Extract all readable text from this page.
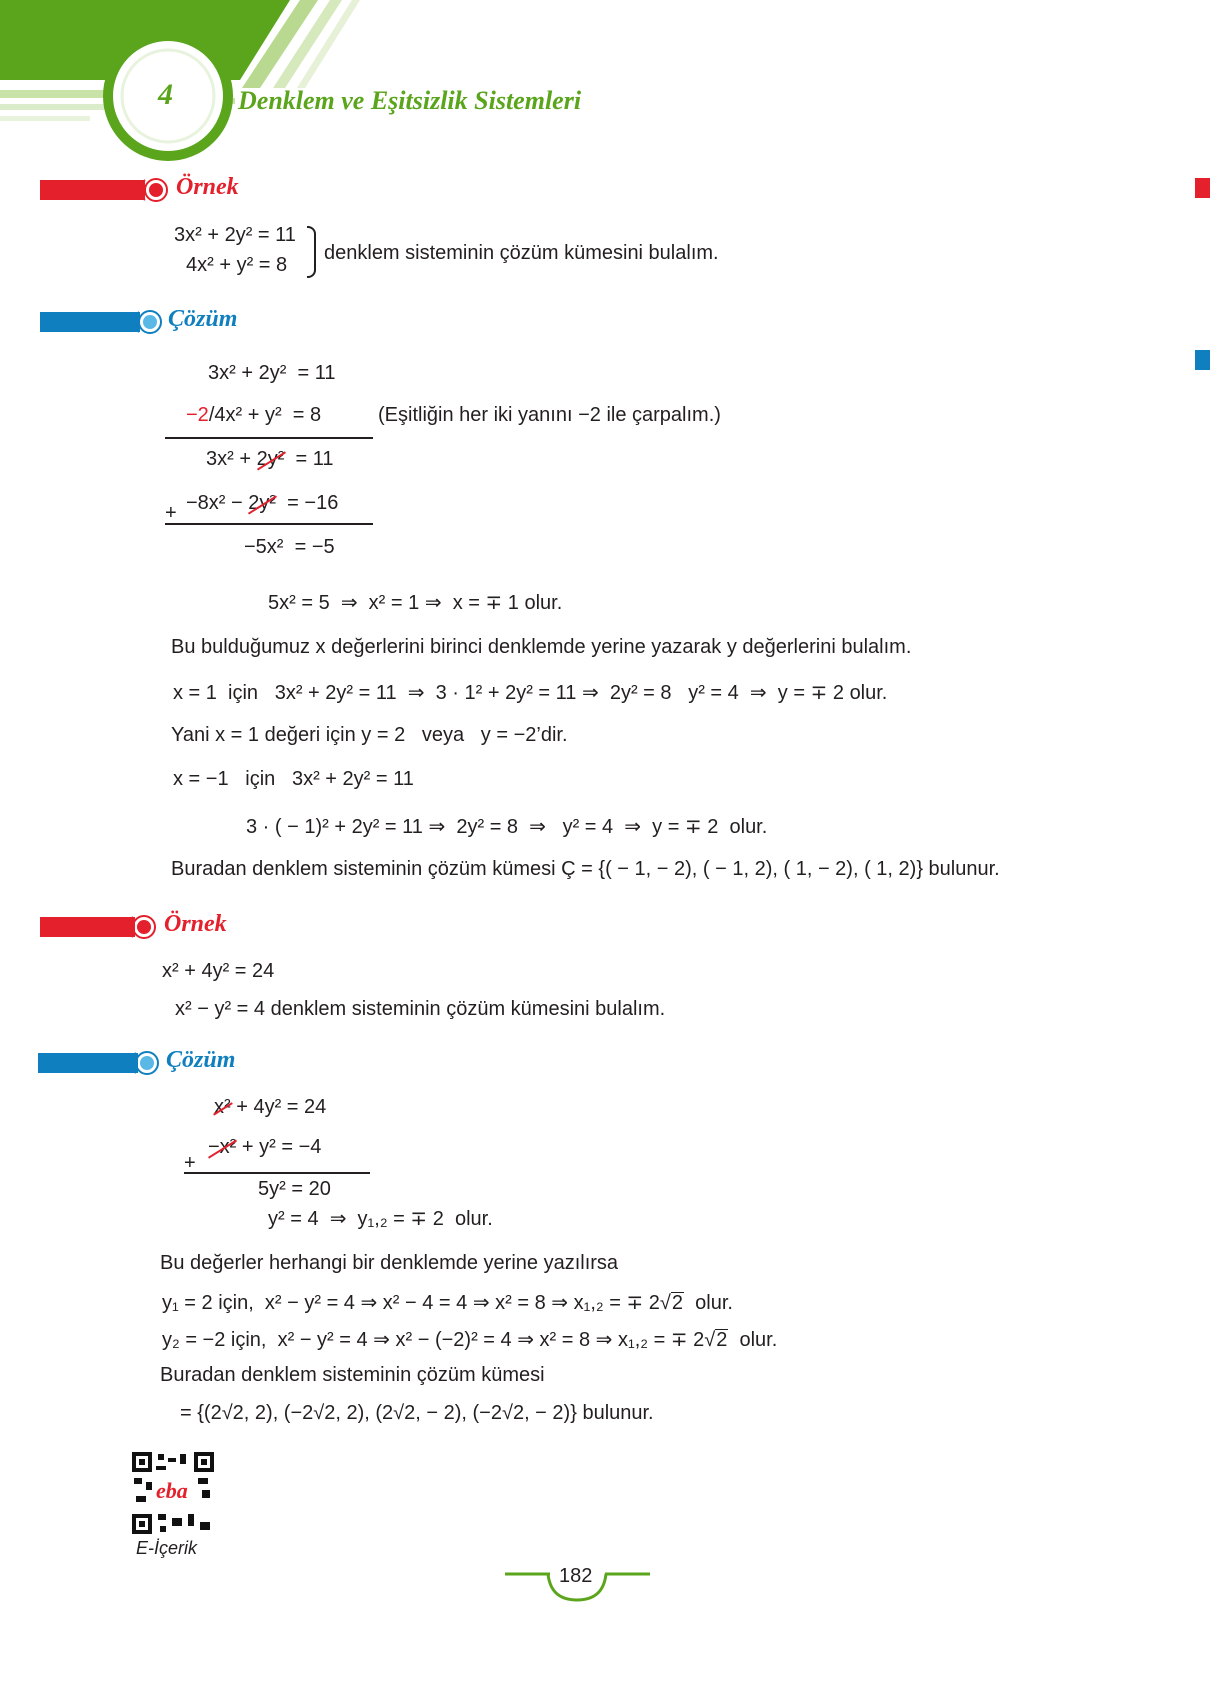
4	Denklem ve Eşitsizlik Sistemleri
Örnek
3x² + 2y² = 11
4x² + y² = 8
denklem sisteminin çözüm kümesini bulalım.
Çözüm
3x² + 2y²  = 11
−2/4x² + y²  = 8	(Eşitliğin her iki yanını −2 ile çarpalım.)
3x² + 2y²  = 11
+ −8x² − 2y²  = −16
−5x²  = −5
5x² = 5  ⇒  x² = 1 ⇒  x = ∓ 1 olur.
Bu bulduğumuz x değerlerini birinci denklemde yerine yazarak y değerlerini bulalım.
x = 1  için   3x² + 2y² = 11  ⇒  3 · 1² + 2y² = 11 ⇒  2y² = 8   y² = 4  ⇒  y = ∓ 2 olur.
Yani x = 1 değeri için y = 2   veya   y = −2’dir.
x = −1   için   3x² + 2y² = 11
3 · ( − 1)² + 2y² = 11 ⇒  2y² = 8  ⇒   y² = 4  ⇒  y = ∓ 2  olur.
Buradan denklem sisteminin çözüm kümesi Ç = {( − 1, − 2), ( − 1, 2), ( 1, − 2), ( 1, 2)} bulunur.
Örnek
x² + 4y² = 24
x² − y² = 4 denklem sisteminin çözüm kümesini bulalım.
Çözüm
x² + 4y² = 24
+
−x² + y² = −4
5y² = 20
y² = 4  ⇒  y₁,₂ = ∓ 2  olur.
Bu değerler herhangi bir denklemde yerine yazılırsa
y₁ = 2 için,  x² − y² = 4 ⇒ x² − 4 = 4 ⇒ x² = 8 ⇒ x₁,₂ = ∓ 2√2  olur.
y₂ = −2 için,  x² − y² = 4 ⇒ x² − (−2)² = 4 ⇒ x² = 8 ⇒ x₁,₂ = ∓ 2√2  olur.
Buradan denklem sisteminin çözüm kümesi
= {(2√2, 2), (−2√2, 2), (2√2, − 2), (−2√2, − 2)} bulunur.
eba
E-İçerik
182
